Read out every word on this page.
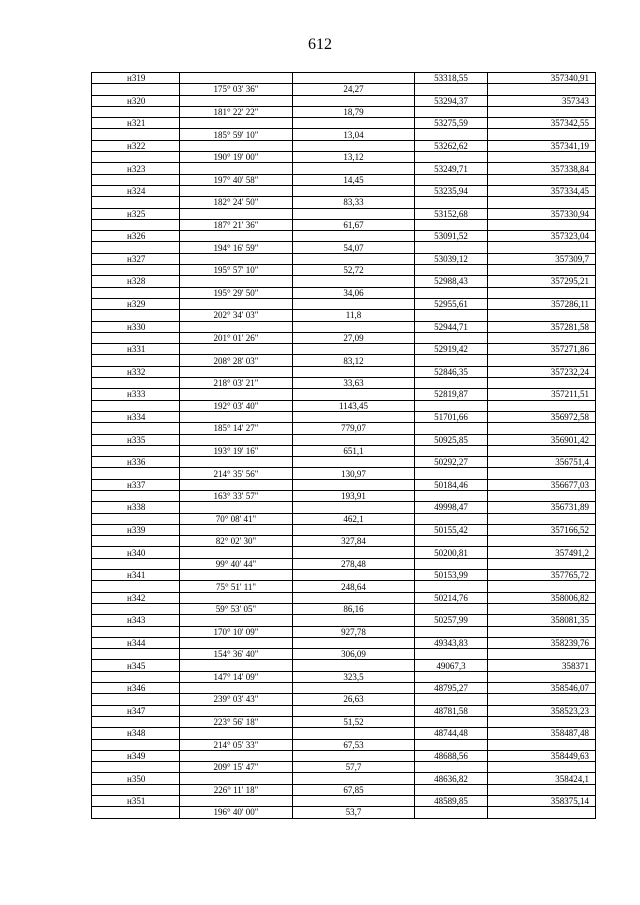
612
н319			53318,55	357340,91
	175° 03' 36"	24,27		
н320			53294,37	357343
	181° 22' 22"	18,79		
н321			53275,59	357342,55
	185° 59' 10"	13,04		
н322			53262,62	357341,19
	190° 19' 00"	13,12		
н323			53249,71	357338,84
	197° 40' 58"	14,45		
н324			53235,94	357334,45
	182° 24' 50"	83,33		
н325			53152,68	357330,94
	187° 21' 36"	61,67		
н326			53091,52	357323,04
	194° 16' 59"	54,07		
н327			53039,12	357309,7
	195° 57' 10"	52,72		
н328			52988,43	357295,21
	195° 29' 50"	34,06		
н329			52955,61	357286,11
	202° 34' 03"	11,8		
н330			52944,71	357281,58
	201° 01' 26"	27,09		
н331			52919,42	357271,86
	208° 28' 03"	83,12		
н332			52846,35	357232,24
	218° 03' 21"	33,63		
н333			52819,87	357211,51
	192° 03' 40"	1143,45		
н334			51701,66	356972,58
	185° 14' 27"	779,07		
н335			50925,85	356901,42
	193° 19' 16"	651,1		
н336			50292,27	356751,4
	214° 35' 56"	130,97		
н337			50184,46	356677,03
	163° 33' 57"	193,91		
н338			49998,47	356731,89
	70° 08' 41"	462,1		
н339			50155,42	357166,52
	82° 02' 30"	327,84		
н340			50200,81	357491,2
	99° 40' 44"	278,48		
н341			50153,99	357765,72
	75° 51' 11"	248,64		
н342			50214,76	358006,82
	59° 53' 05"	86,16		
н343			50257,99	358081,35
	170° 10' 09"	927,78		
н344			49343,83	358239,76
	154° 36' 40"	306,09		
н345			49067,3	358371
	147° 14' 09"	323,5		
н346			48795,27	358546,07
	239° 03' 43"	26,63		
н347			48781,58	358523,23
	223° 56' 18"	51,52		
н348			48744,48	358487,48
	214° 05' 33"	67,53		
н349			48688,56	358449,63
	209° 15' 47"	57,7		
н350			48636,82	358424,1
	226° 11' 18"	67,85		
н351			48589,85	358375,14
	196° 40' 00"	53,7		
